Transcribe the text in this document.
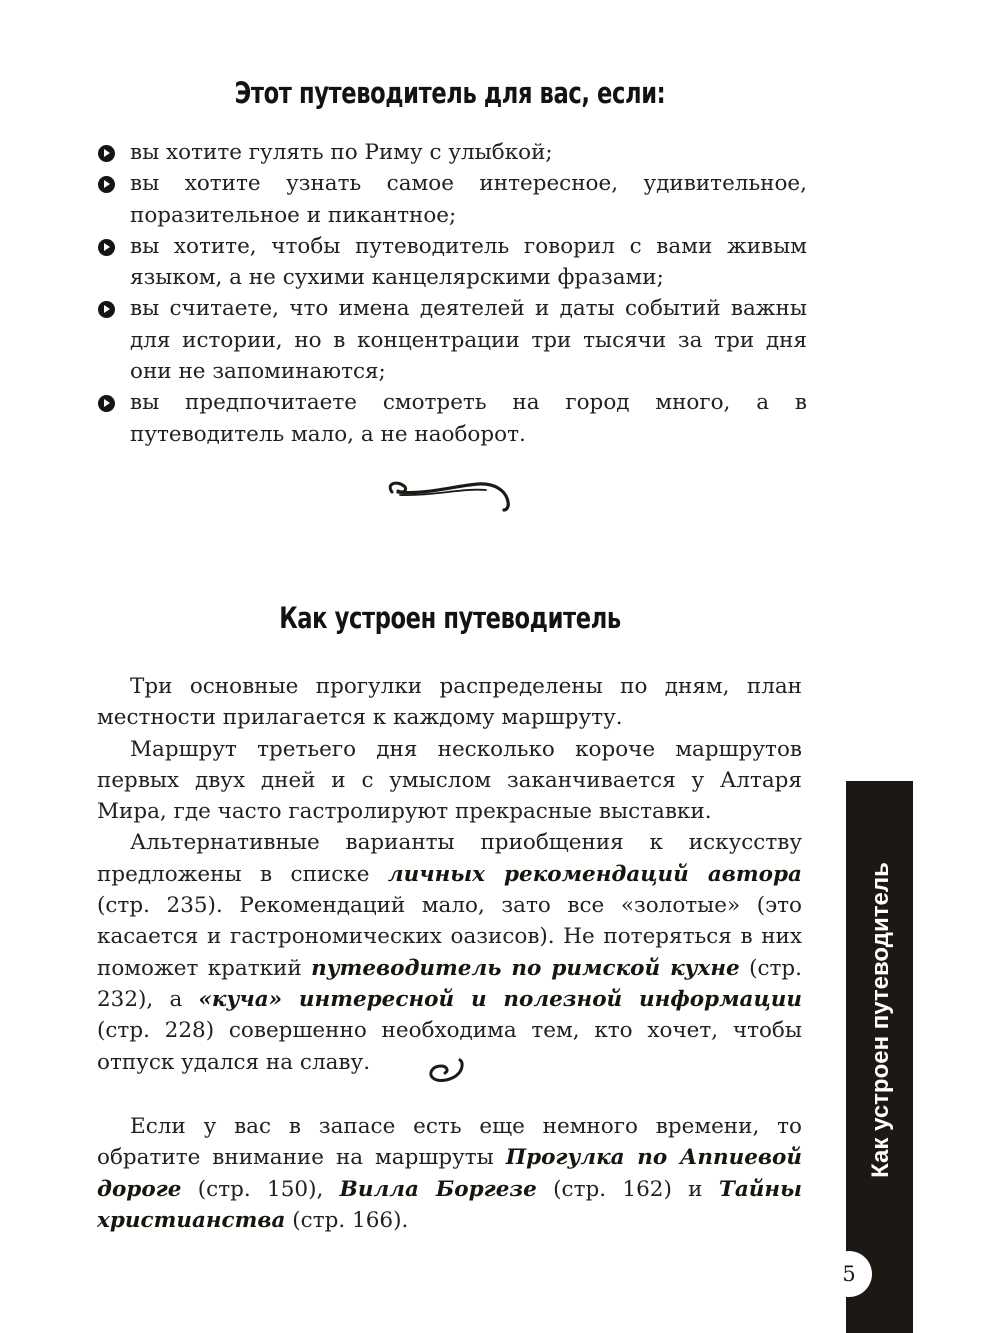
Этот путеводитель для вас, если:
вы хотите гулять по Риму с улыбкой;
вы хотите узнать самое интересное, удивительное, поразительное и пикантное;
вы хотите, чтобы путеводитель говорил с вами живым языком, а не сухими канцелярскими фразами;
вы считаете, что имена деятелей и даты событий важны для истории, но в концентрации три тысячи за три дня они не запоминаются;
вы предпочитаете смотреть на город много, а в путеводитель мало, а не наоборот.
Как устроен путеводитель

Три основные прогулки распределены по дням, план местности прилагается к каждому маршруту.

Маршрут третьего дня несколько короче маршрутов первых двух дней и с умыслом заканчивается у Алтаря Мира, где часто гастролируют прекрасные выставки.

Альтернативные варианты приобщения к искусству предложены в списке личных рекомендаций автора (стр. 235). Рекомендаций мало, зато все «золотые» (это касается и гастрономических оазисов). Не потеряться в них поможет краткий путеводитель по римской кухне (стр. 232), а «куча» интересной и полезной информации (стр. 228) совершенно необходима тем, кто хочет, чтобы отпуск удался на славу.

Если у вас в запасе есть еще немного времени, то обратите внимание на маршруты Прогулка по Аппиевой дороге (стр. 150), Вилла Боргезе (стр. 162) и Тайны христианства (стр. 166).

Как устроен путеводитель
5
